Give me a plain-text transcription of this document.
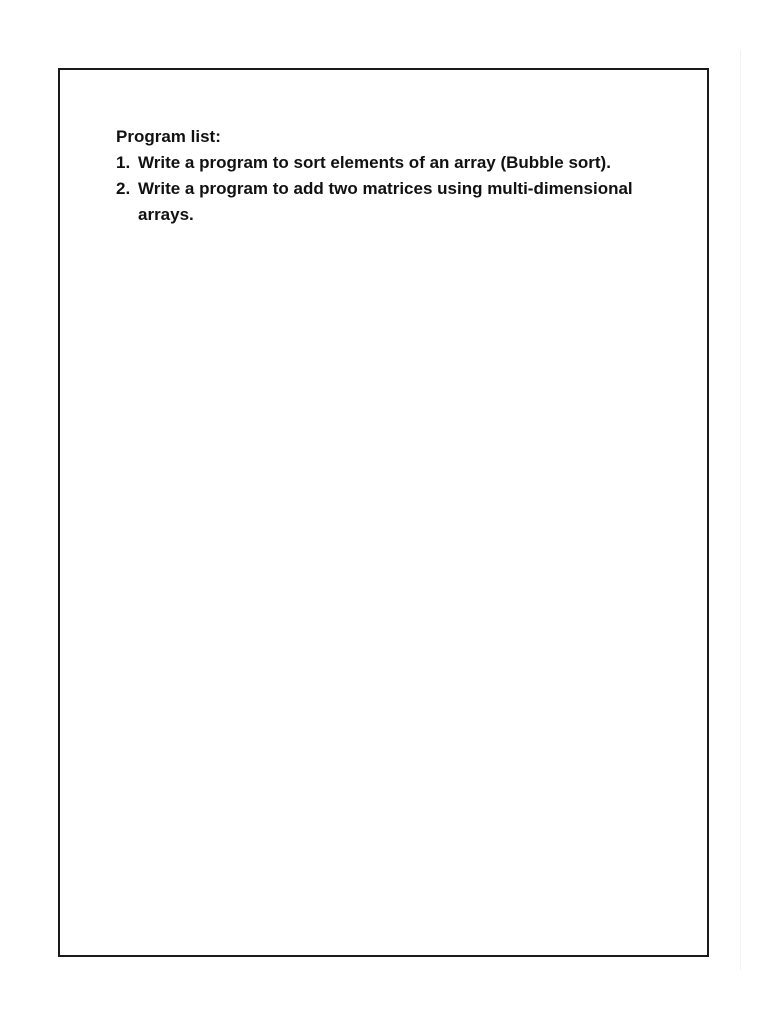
Program list:

1. Write a program to sort elements of an array (Bubble sort).
2. Write a program to add two matrices using multi-dimensional arrays.
